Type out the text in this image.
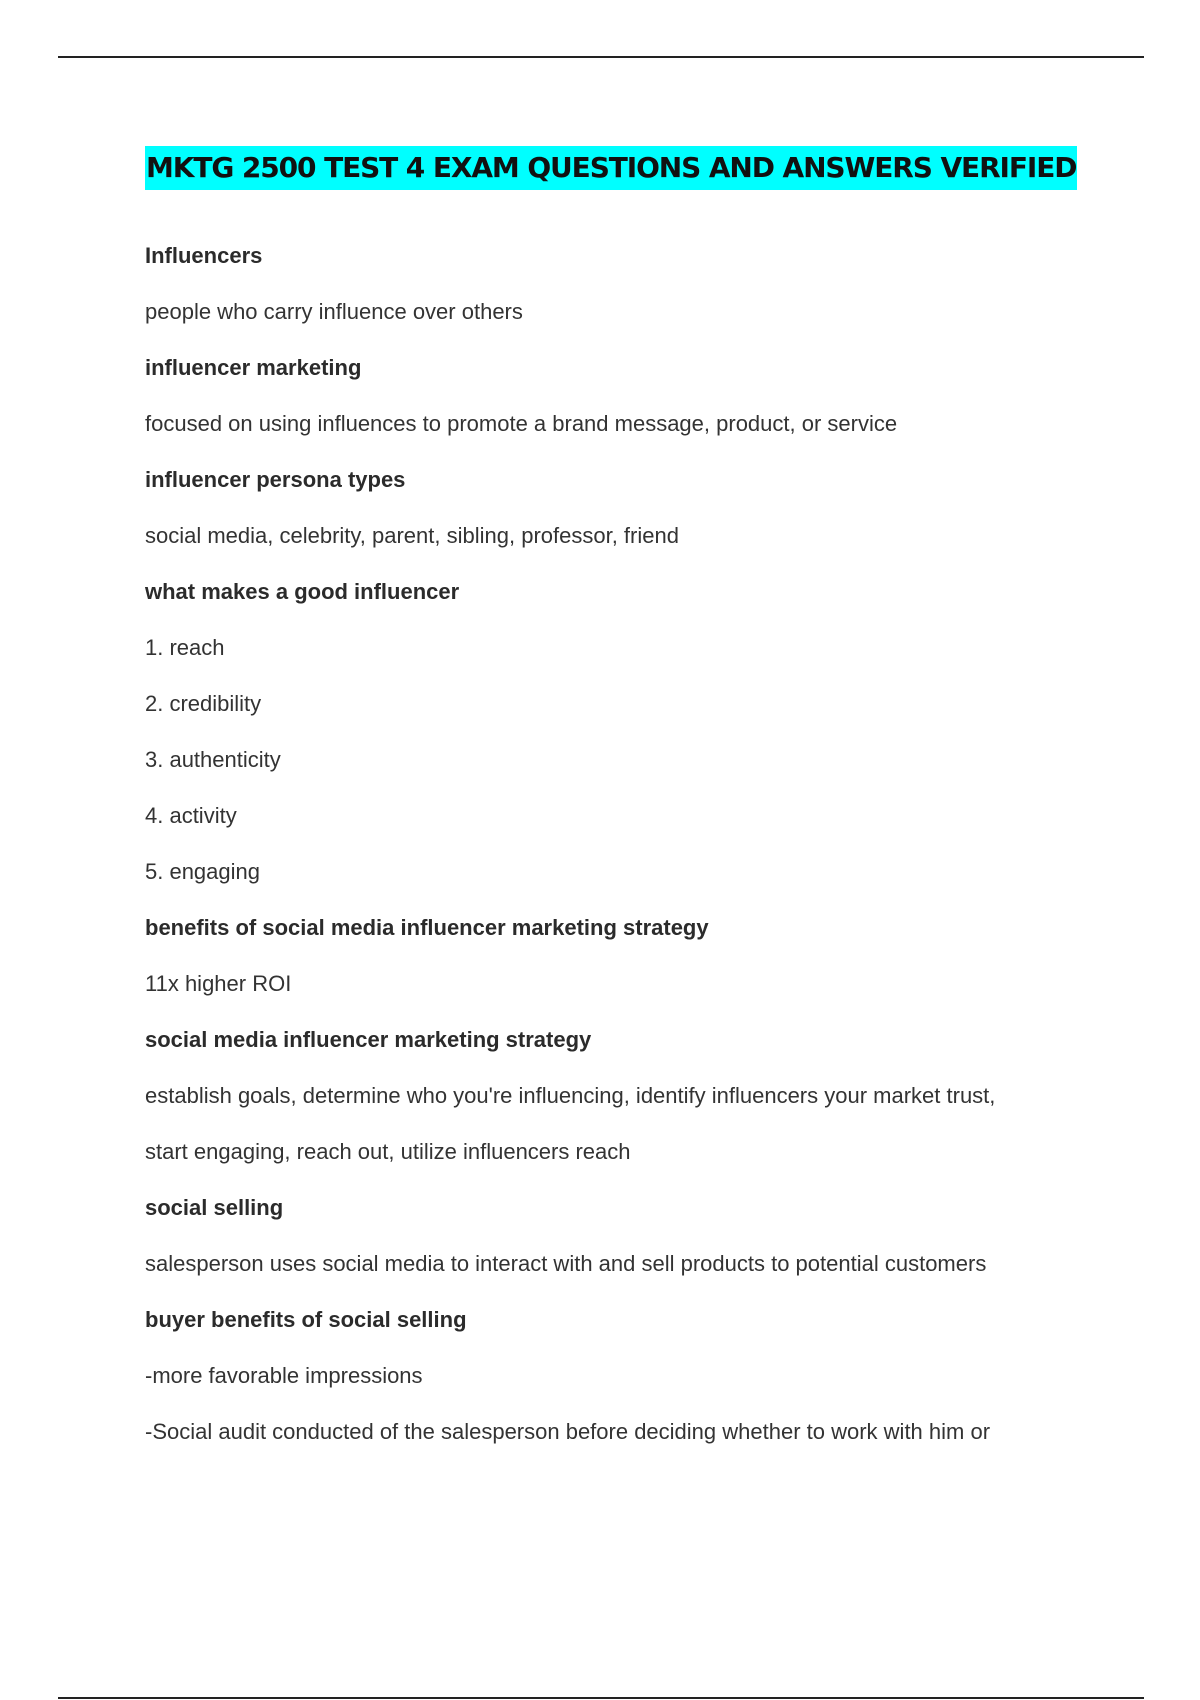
MKTG 2500 TEST 4 EXAM QUESTIONS AND ANSWERS VERIFIED

Influencers

people who carry influence over others

influencer marketing

focused on using influences to promote a brand message, product, or service

influencer persona types

social media, celebrity, parent, sibling, professor, friend

what makes a good influencer

1. reach

2. credibility

3. authenticity

4. activity

5. engaging

benefits of social media influencer marketing strategy

11x higher ROI

social media influencer marketing strategy

establish goals, determine who you're influencing, identify influencers your market trust,

start engaging, reach out, utilize influencers reach

social selling

salesperson uses social media to interact with and sell products to potential customers

buyer benefits of social selling

-more favorable impressions

-Social audit conducted of the salesperson before deciding whether to work with him or
